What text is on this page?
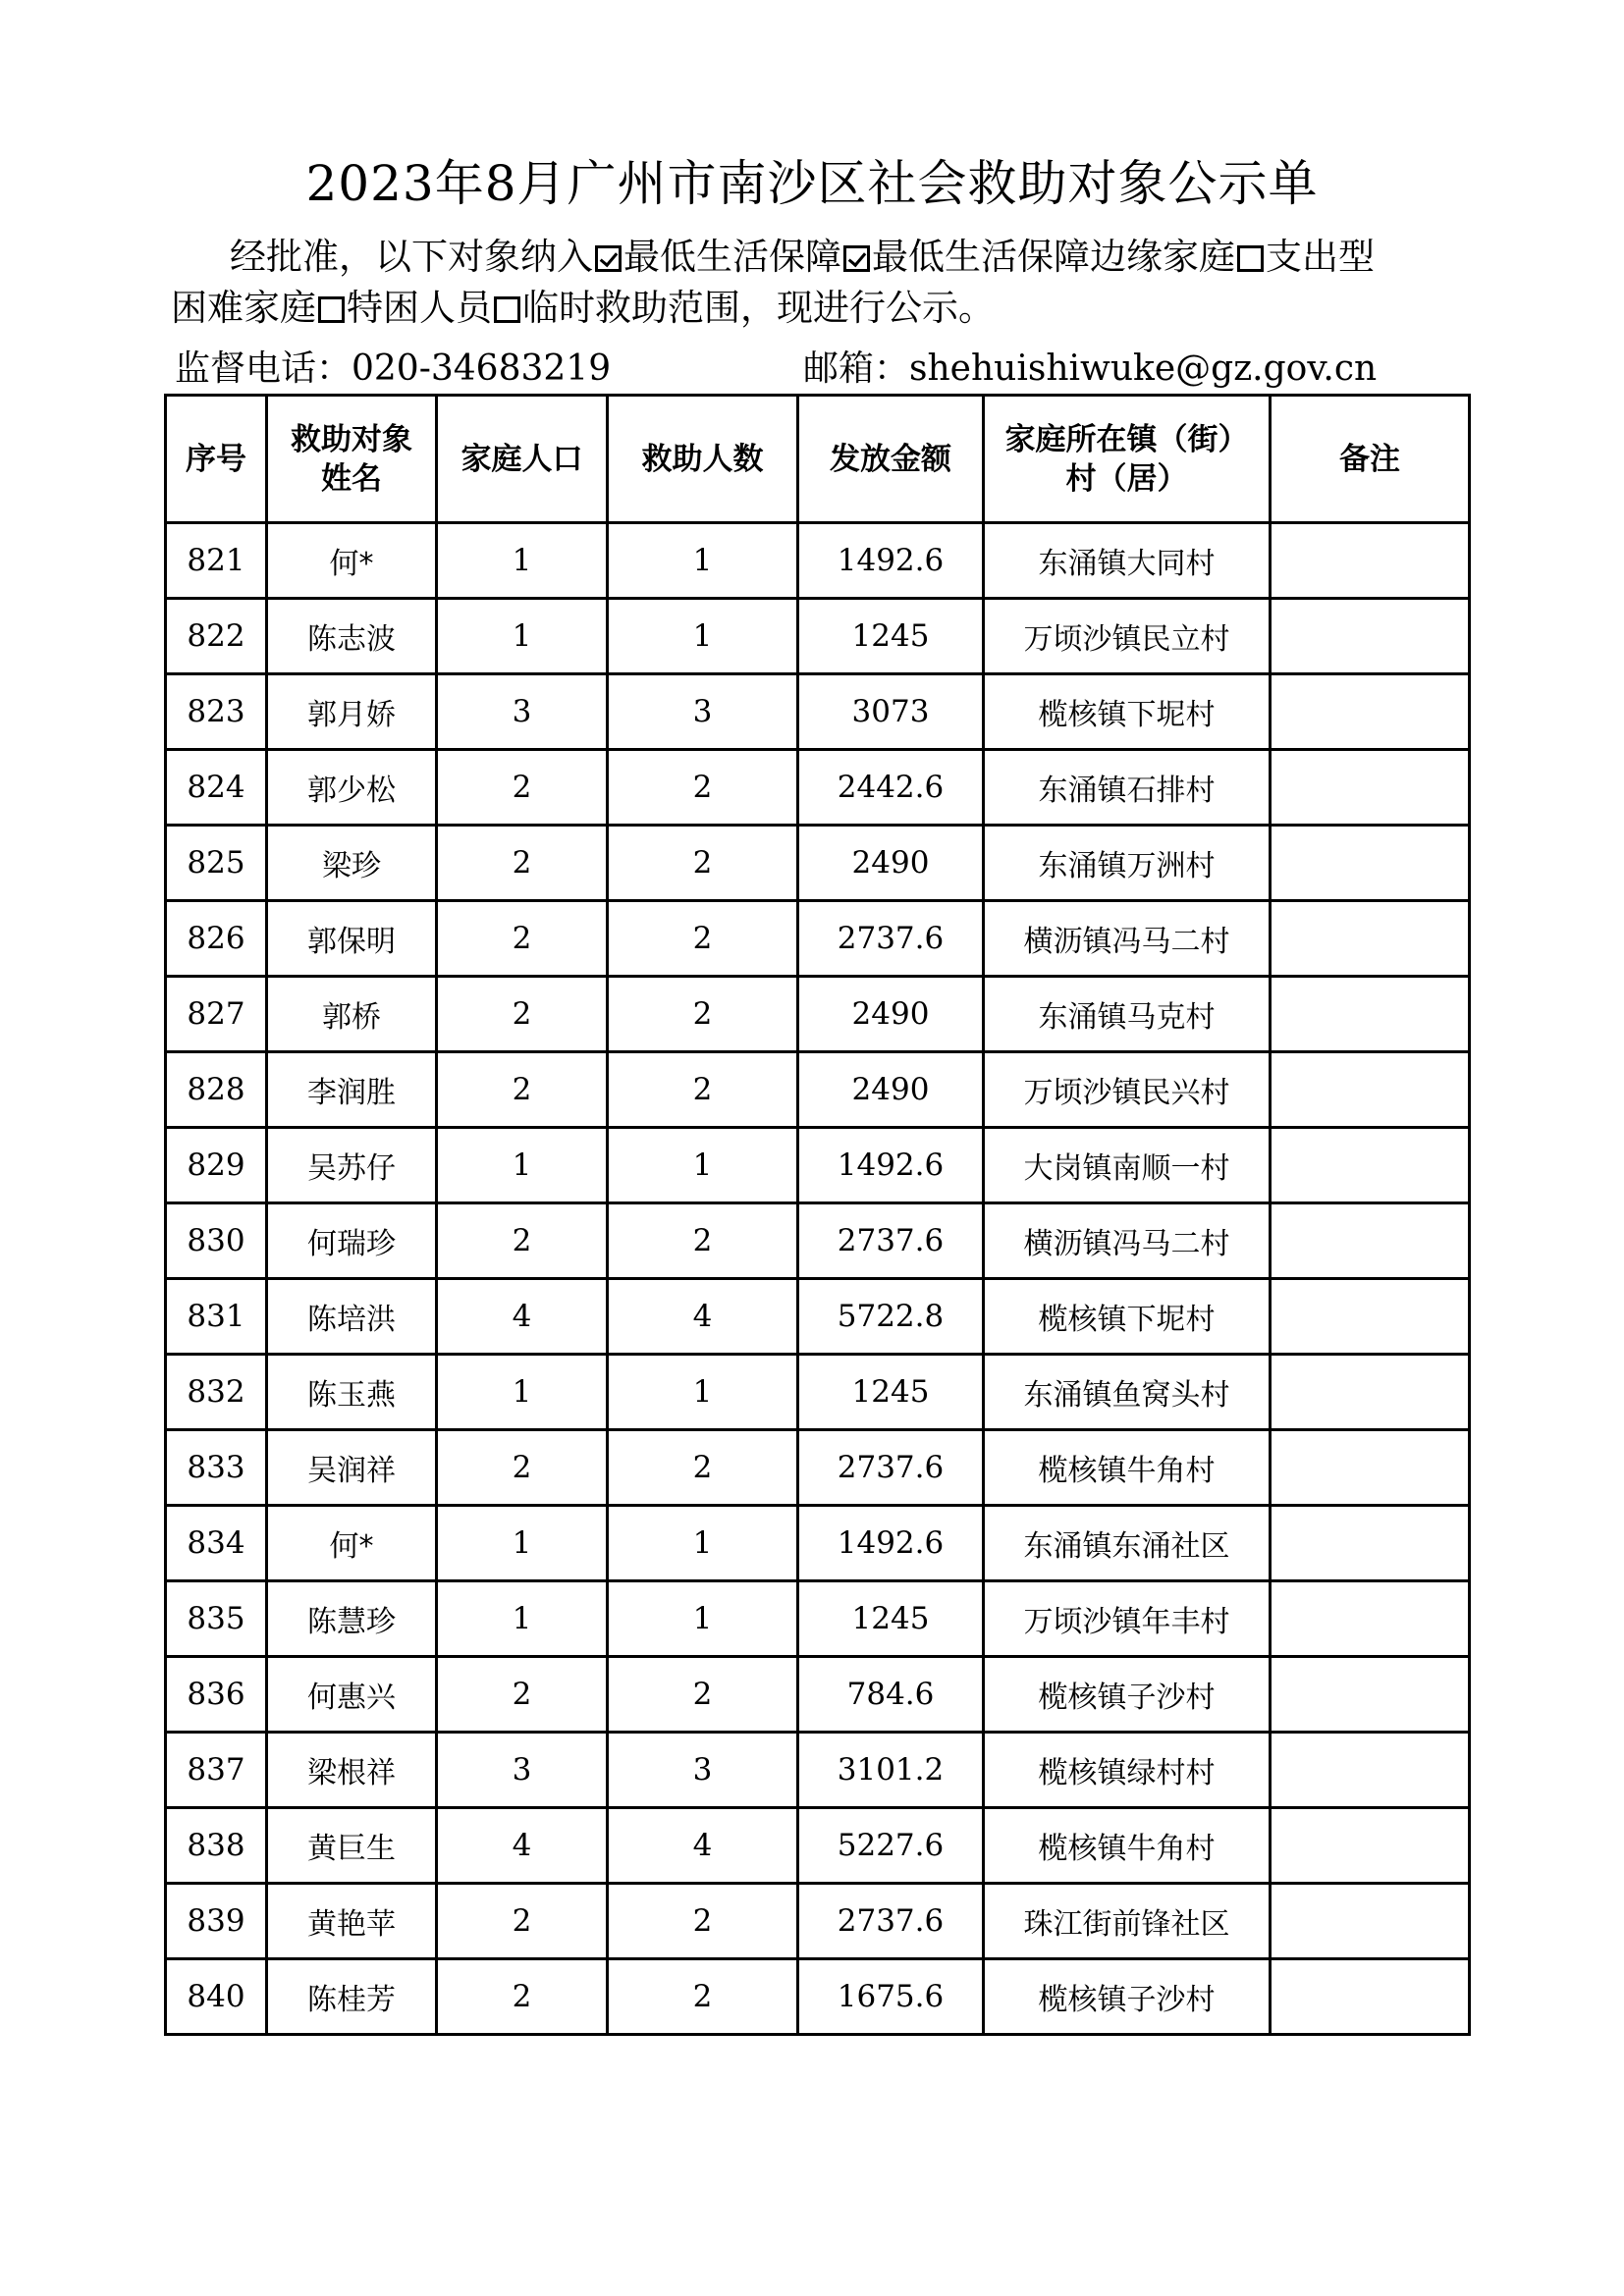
2023年8月广州市南沙区社会救助对象公示单
经批准，以下对象纳入 最低生活保障 最低生活保障边缘家庭 支出型
困难家庭 特困人员 临时救助范围，现进行公示。
监督电话：020-34683219	邮箱：shehuishiwuke@gz.gov.cn
序号	救助对象姓名	家庭人口	救助人数	发放金额	家庭所在镇（街）村（居）	备注
821	何*	1	1	1492.6	东涌镇大同村	
822	陈志波	1	1	1245	万顷沙镇民立村	
823	郭月娇	3	3	3073	榄核镇下坭村	
824	郭少松	2	2	2442.6	东涌镇石排村	
825	梁珍	2	2	2490	东涌镇万洲村	
826	郭保明	2	2	2737.6	横沥镇冯马二村	
827	郭桥	2	2	2490	东涌镇马克村	
828	李润胜	2	2	2490	万顷沙镇民兴村	
829	吴苏仔	1	1	1492.6	大岗镇南顺一村	
830	何瑞珍	2	2	2737.6	横沥镇冯马二村	
831	陈培洪	4	4	5722.8	榄核镇下坭村	
832	陈玉燕	1	1	1245	东涌镇鱼窝头村	
833	吴润祥	2	2	2737.6	榄核镇牛角村	
834	何*	1	1	1492.6	东涌镇东涌社区	
835	陈慧珍	1	1	1245	万顷沙镇年丰村	
836	何惠兴	2	2	784.6	榄核镇子沙村	
837	梁根祥	3	3	3101.2	榄核镇绿村村	
838	黄巨生	4	4	5227.6	榄核镇牛角村	
839	黄艳苹	2	2	2737.6	珠江街前锋社区	
840	陈桂芳	2	2	1675.6	榄核镇子沙村	
